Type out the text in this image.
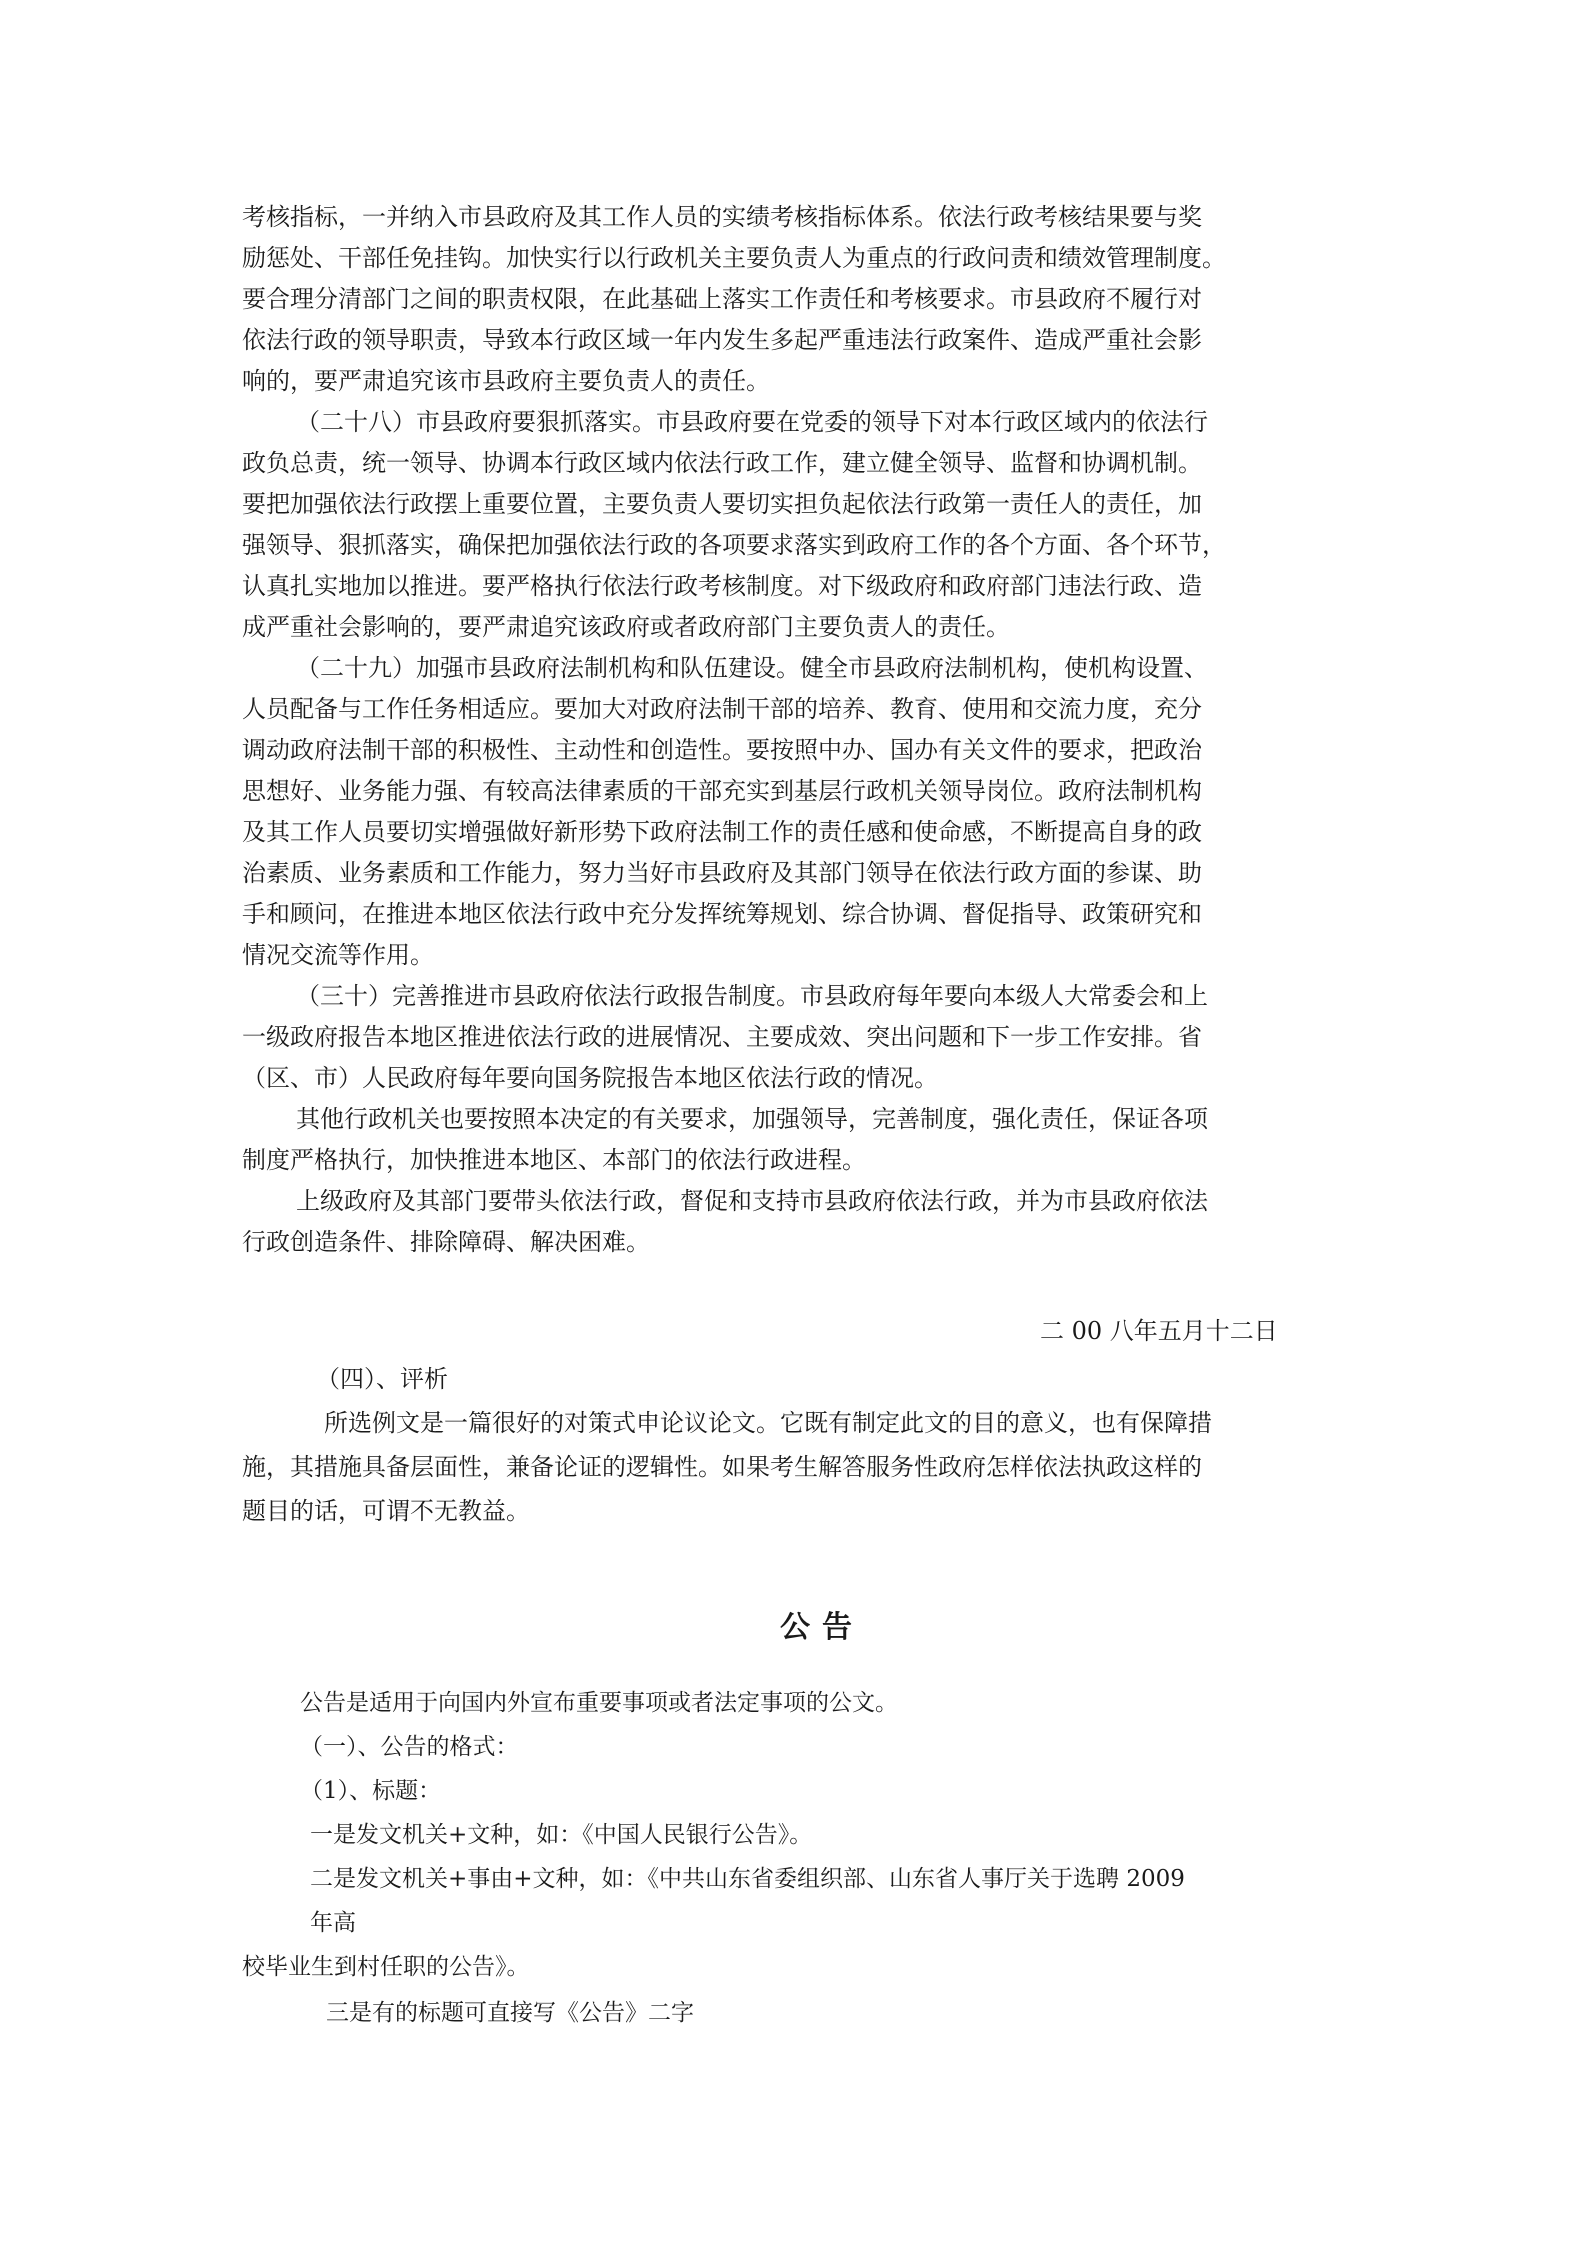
考核指标，一并纳入市县政府及其工作人员的实绩考核指标体系。依法行政考核结果要与奖

励惩处、干部任免挂钩。加快实行以行政机关主要负责人为重点的行政问责和绩效管理制度。

要合理分清部门之间的职责权限，在此基础上落实工作责任和考核要求。市县政府不履行对

依法行政的领导职责，导致本行政区域一年内发生多起严重违法行政案件、造成严重社会影

响的，要严肃追究该市县政府主要负责人的责任。

（二十八）市县政府要狠抓落实。市县政府要在党委的领导下对本行政区域内的依法行

政负总责，统一领导、协调本行政区域内依法行政工作，建立健全领导、监督和协调机制。

要把加强依法行政摆上重要位置，主要负责人要切实担负起依法行政第一责任人的责任，加

强领导、狠抓落实，确保把加强依法行政的各项要求落实到政府工作的各个方面、各个环节，

认真扎实地加以推进。要严格执行依法行政考核制度。对下级政府和政府部门违法行政、造

成严重社会影响的，要严肃追究该政府或者政府部门主要负责人的责任。

（二十九）加强市县政府法制机构和队伍建设。健全市县政府法制机构，使机构设置、

人员配备与工作任务相适应。要加大对政府法制干部的培养、教育、使用和交流力度，充分

调动政府法制干部的积极性、主动性和创造性。要按照中办、国办有关文件的要求，把政治

思想好、业务能力强、有较高法律素质的干部充实到基层行政机关领导岗位。政府法制机构

及其工作人员要切实增强做好新形势下政府法制工作的责任感和使命感，不断提高自身的政

治素质、业务素质和工作能力，努力当好市县政府及其部门领导在依法行政方面的参谋、助

手和顾问，在推进本地区依法行政中充分发挥统筹规划、综合协调、督促指导、政策研究和

情况交流等作用。

（三十）完善推进市县政府依法行政报告制度。市县政府每年要向本级人大常委会和上

一级政府报告本地区推进依法行政的进展情况、主要成效、突出问题和下一步工作安排。省

（区、市）人民政府每年要向国务院报告本地区依法行政的情况。

其他行政机关也要按照本决定的有关要求，加强领导，完善制度，强化责任，保证各项

制度严格执行，加快推进本地区、本部门的依法行政进程。

上级政府及其部门要带头依法行政，督促和支持市县政府依法行政，并为市县政府依法

行政创造条件、排除障碍、解决困难。

二 00 八年五月十二日

（四）、评析

所选例文是一篇很好的对策式申论议论文。它既有制定此文的目的意义，也有保障措

施，其措施具备层面性，兼备论证的逻辑性。如果考生解答服务性政府怎样依法执政这样的

题目的话，可谓不无教益。

公告

公告是适用于向国内外宣布重要事项或者法定事项的公文。

（一）、公告的格式：

（1）、标题：

一是发文机关+文种，如：《中国人民银行公告》。

二是发文机关+事由+文种，如：《中共山东省委组织部、山东省人事厅关于选聘 2009

年高

校毕业生到村任职的公告》。

三是有的标题可直接写《公告》二字
